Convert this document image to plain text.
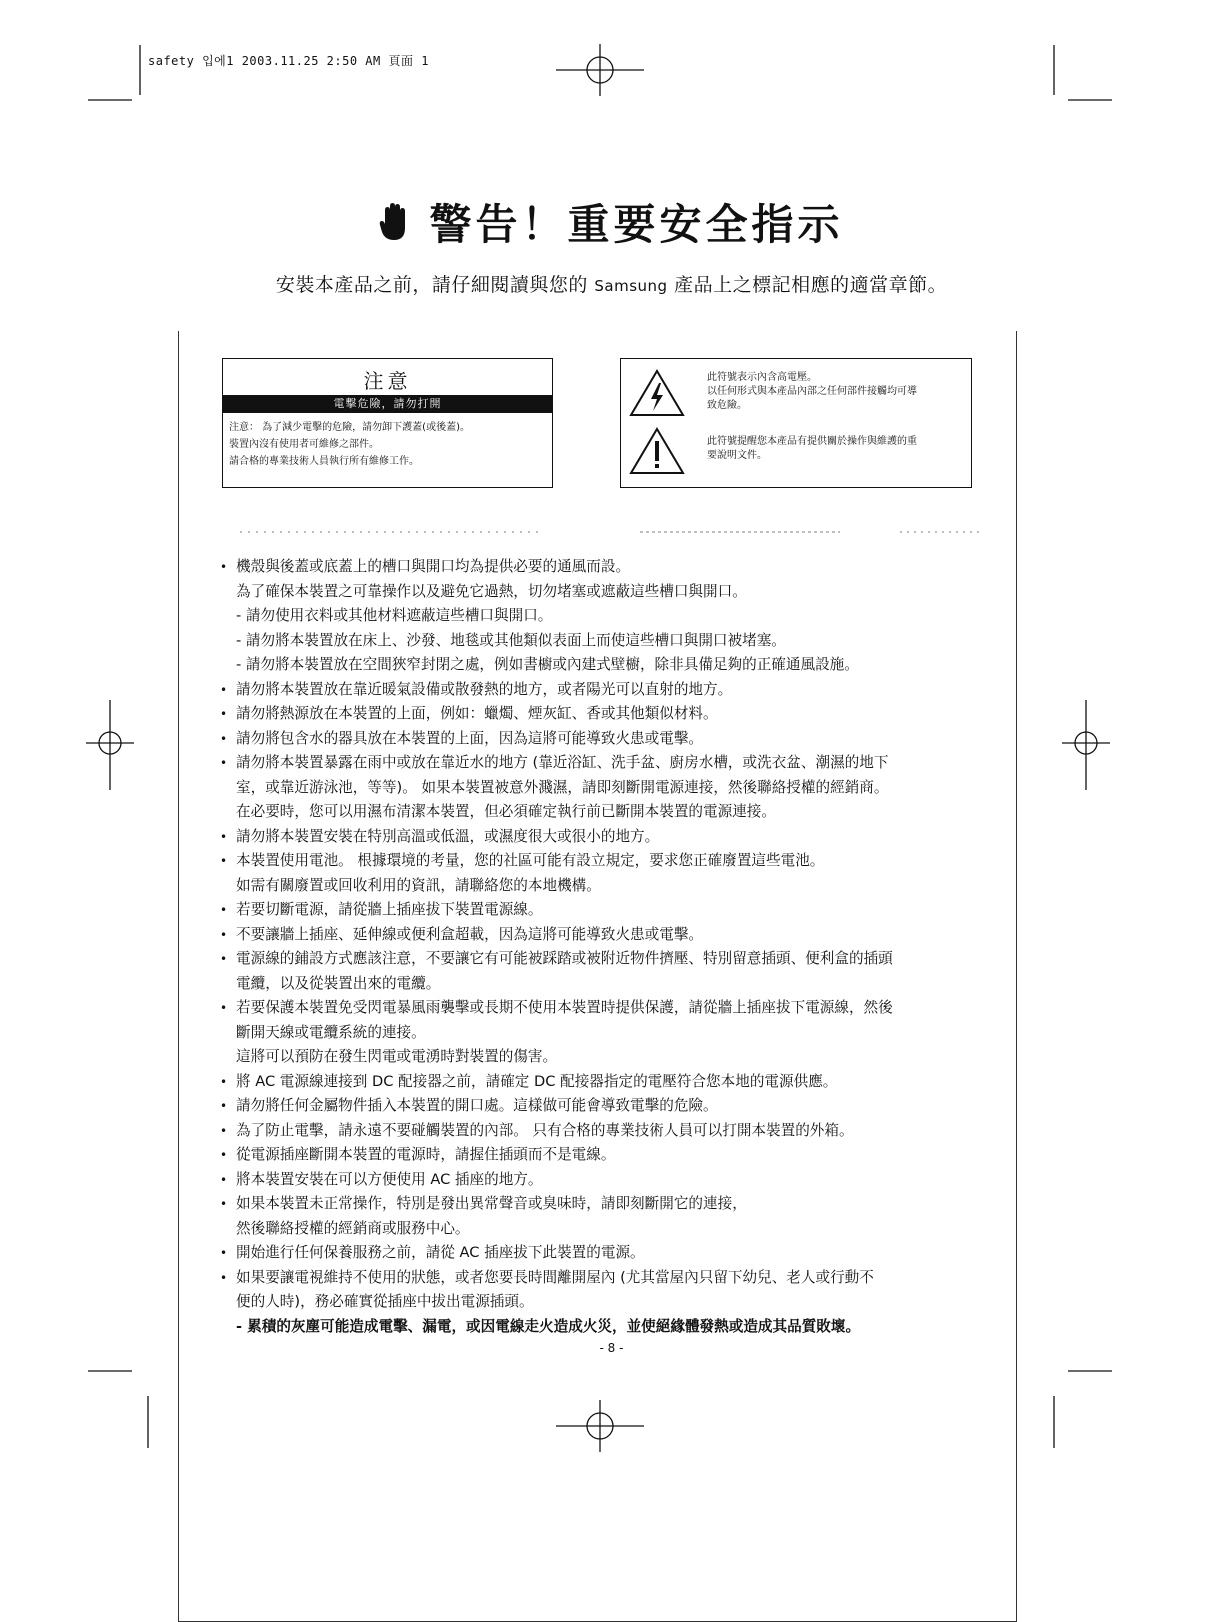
safety 입에1 2003.11.25 2:50 AM 頁面 1
警告！重要安全指示
安裝本產品之前，請仔細閱讀與您的 Samsung 產品上之標記相應的適當章節。
注意
電擊危險，請勿打開
注意： 為了減少電擊的危險，請勿卸下護蓋(或後蓋)。
裝置內沒有使用者可維修之部件。
請合格的專業技術人員執行所有維修工作。
此符號表示內含高電壓。
以任何形式與本產品內部之任何部件接觸均可導
致危險。
此符號提醒您本產品有提供關於操作與維護的重
要說明文件。
• 機殼與後蓋或底蓋上的槽口與開口均為提供必要的通風而設。
為了確保本裝置之可靠操作以及避免它過熱，切勿堵塞或遮蔽這些槽口與開口。
- 請勿使用衣料或其他材料遮蔽這些槽口與開口。
- 請勿將本裝置放在床上、沙發、地毯或其他類似表面上而使這些槽口與開口被堵塞。
- 請勿將本裝置放在空間狹窄封閉之處，例如書櫥或內建式壁櫥，除非具備足夠的正確通風設施。
• 請勿將本裝置放在靠近暖氣設備或散發熱的地方，或者陽光可以直射的地方。
• 請勿將熱源放在本裝置的上面，例如：蠟燭、煙灰缸、香或其他類似材料。
• 請勿將包含水的器具放在本裝置的上面，因為這將可能導致火患或電擊。
• 請勿將本裝置暴露在雨中或放在靠近水的地方 (靠近浴缸、洗手盆、廚房水槽，或洗衣盆、潮濕的地下
室，或靠近游泳池，等等)。 如果本裝置被意外濺濕，請即刻斷開電源連接，然後聯絡授權的經銷商。
在必要時，您可以用濕布清潔本裝置，但必須確定執行前已斷開本裝置的電源連接。
• 請勿將本裝置安裝在特別高溫或低溫，或濕度很大或很小的地方。
• 本裝置使用電池。 根據環境的考量，您的社區可能有設立規定，要求您正確廢置這些電池。
如需有關廢置或回收利用的資訊，請聯絡您的本地機構。
• 若要切斷電源，請從牆上插座拔下裝置電源線。
• 不要讓牆上插座、延伸線或便利盒超載，因為這將可能導致火患或電擊。
• 電源線的鋪設方式應該注意，不要讓它有可能被踩踏或被附近物件擠壓、特別留意插頭、便利盒的插頭
電纜，以及從裝置出來的電纜。
• 若要保護本裝置免受閃電暴風雨襲擊或長期不使用本裝置時提供保護，請從牆上插座拔下電源線，然後
斷開天線或電纜系統的連接。
這將可以預防在發生閃電或電湧時對裝置的傷害。
• 將 AC 電源線連接到 DC 配接器之前，請確定 DC 配接器指定的電壓符合您本地的電源供應。
• 請勿將任何金屬物件插入本裝置的開口處。這樣做可能會導致電擊的危險。
• 為了防止電擊，請永遠不要碰觸裝置的內部。 只有合格的專業技術人員可以打開本裝置的外箱。
• 從電源插座斷開本裝置的電源時，請握住插頭而不是電線。
• 將本裝置安裝在可以方便使用 AC 插座的地方。
• 如果本裝置未正常操作，特別是發出異常聲音或臭味時，請即刻斷開它的連接，
然後聯絡授權的經銷商或服務中心。
• 開始進行任何保養服務之前，請從 AC 插座拔下此裝置的電源。
• 如果要讓電視維持不使用的狀態，或者您要長時間離開屋內 (尤其當屋內只留下幼兒、老人或行動不
便的人時)，務必確實從插座中拔出電源插頭。
- 累積的灰塵可能造成電擊、漏電，或因電線走火造成火災，並使絕緣體發熱或造成其品質敗壞。
- 8 -
